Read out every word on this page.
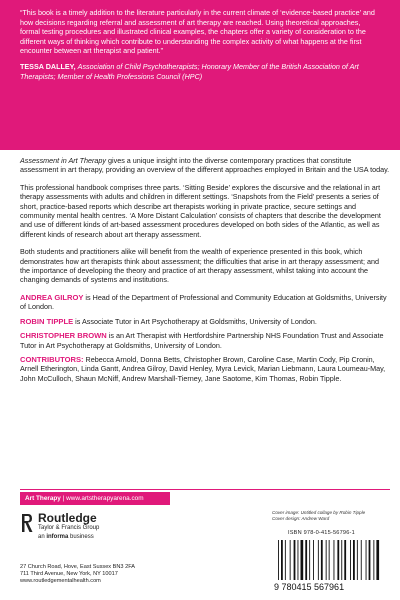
“This book is a timely addition to the literature particularly in the current climate of ‘evidence-based practice’ and how decisions regarding referral and assessment of art therapy are reached. Using theoretical approaches, formal testing procedures and illustrated clinical examples, the chapters offer a variety of consideration to the different ways of thinking which contribute to understanding the complex activity of what happens at the first encounter between art therapist and patient.”

TESSA DALLEY, Association of Child Psychotherapists; Honorary Member of the British Association of Art Therapists; Member of Health Professions Council (HPC)

Assessment in Art Therapy gives a unique insight into the diverse contemporary practices that constitute assessment in art therapy, providing an overview of the different approaches employed in Britain and the USA today.

This professional handbook comprises three parts. ‘Sitting Beside’ explores the discursive and the relational in art therapy assessments with adults and children in different settings. ‘Snapshots from the Field’ presents a series of short, practice-based reports which describe art therapists working in private practice, secure settings and community mental health centres. ‘A More Distant Calculation’ consists of chapters that describe the development and use of different kinds of art-based assessment procedures developed on both sides of the Atlantic, as well as different kinds of research about art therapy assessment.

Both students and practitioners alike will benefit from the wealth of experience presented in this book, which demonstrates how art therapists think about assessment; the difficulties that arise in art therapy assessment; and the importance of developing the theory and practice of art therapy assessment, whilst taking into account the changing demands of systems and institutions.

ANDREA GILROY is Head of the Department of Professional and Community Education at Goldsmiths, University of London.

ROBIN TIPPLE is Associate Tutor in Art Psychotherapy at Goldsmiths, University of London.

CHRISTOPHER BROWN is an Art Therapist with Hertfordshire Partnership NHS Foundation Trust and Associate Tutor in Art Psychotherapy at Goldsmiths, University of London.

CONTRIBUTORS: Rebecca Arnold, Donna Betts, Christopher Brown, Caroline Case, Martin Cody, Pip Cronin, Arnell Etherington, Linda Gantt, Andrea Gilroy, David Henley, Myra Levick, Marian Liebmann, Laura Loumeau-May, John McCulloch, Shaun McNiff, Andrew Marshall-Tierney, Jane Saotome, Kim Thomas, Robin Tipple.

Art Therapy | www.artstherapyarena.com
Routledge
Taylor & Francis Group
an informa business
27 Church Road, Hove, East Sussex BN3 2FA
711 Third Avenue, New York, NY 10017
www.routledgementalhealth.com
Cover image: Untitled collage by Robin Tipple
Cover design: Andrew Ward
ISBN 978-0-415-56796-1
9 780415 567961
